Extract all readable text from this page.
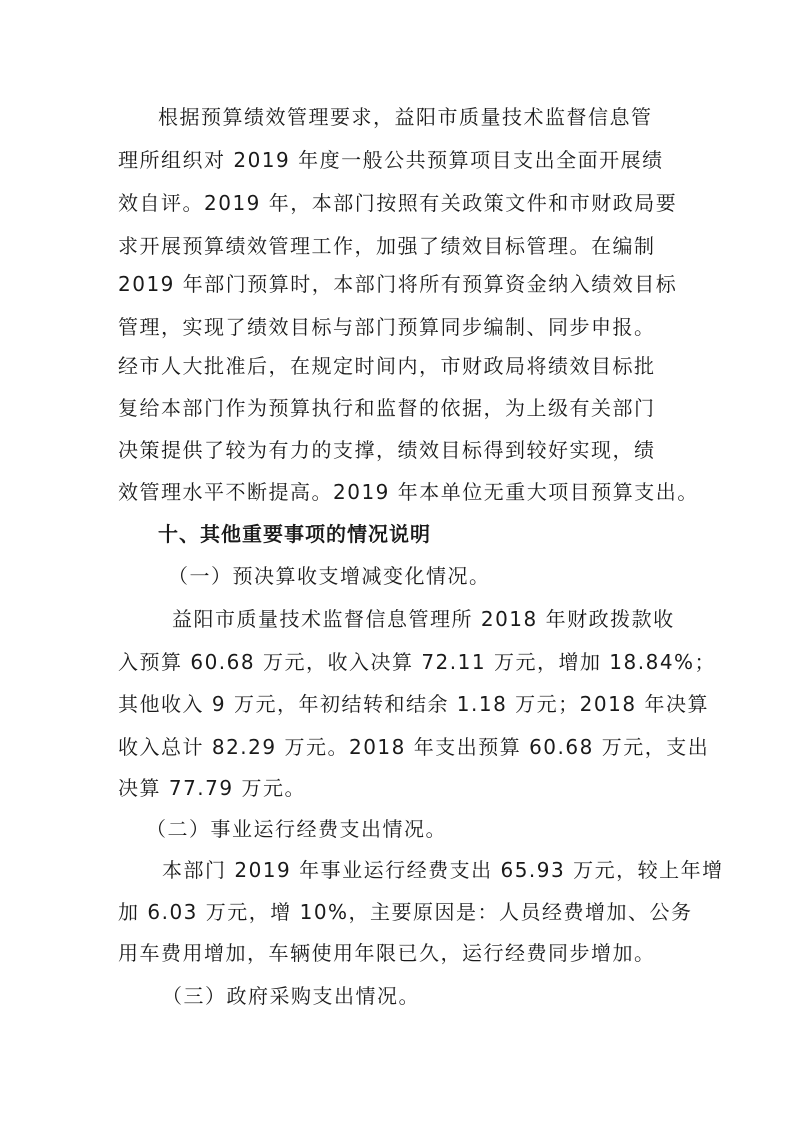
根据预算绩效管理要求，益阳市质量技术监督信息管
理所组织对 2019 年度一般公共预算项目支出全面开展绩
效自评。2019 年，本部门按照有关政策文件和市财政局要
求开展预算绩效管理工作，加强了绩效目标管理。在编制
2019 年部门预算时，本部门将所有预算资金纳入绩效目标
管理，实现了绩效目标与部门预算同步编制、同步申报。
经市人大批准后，在规定时间内，市财政局将绩效目标批
复给本部门作为预算执行和监督的依据，为上级有关部门
决策提供了较为有力的支撑，绩效目标得到较好实现，绩
效管理水平不断提高。2019 年本单位无重大项目预算支出。
十、其他重要事项的情况说明
（一）预决算收支增减变化情况。
益阳市质量技术监督信息管理所 2018 年财政拨款收
入预算 60.68 万元，收入决算 72.11 万元，增加 18.84%；
其他收入 9 万元，年初结转和结余 1.18 万元；2018 年决算
收入总计 82.29 万元。2018 年支出预算 60.68 万元，支出
决算 77.79 万元。
（二）事业运行经费支出情况。
本部门 2019 年事业运行经费支出 65.93 万元，较上年增
加 6.03 万元，增 10%，主要原因是：人员经费增加、公务
用车费用增加，车辆使用年限已久，运行经费同步增加。
（三）政府采购支出情况。
